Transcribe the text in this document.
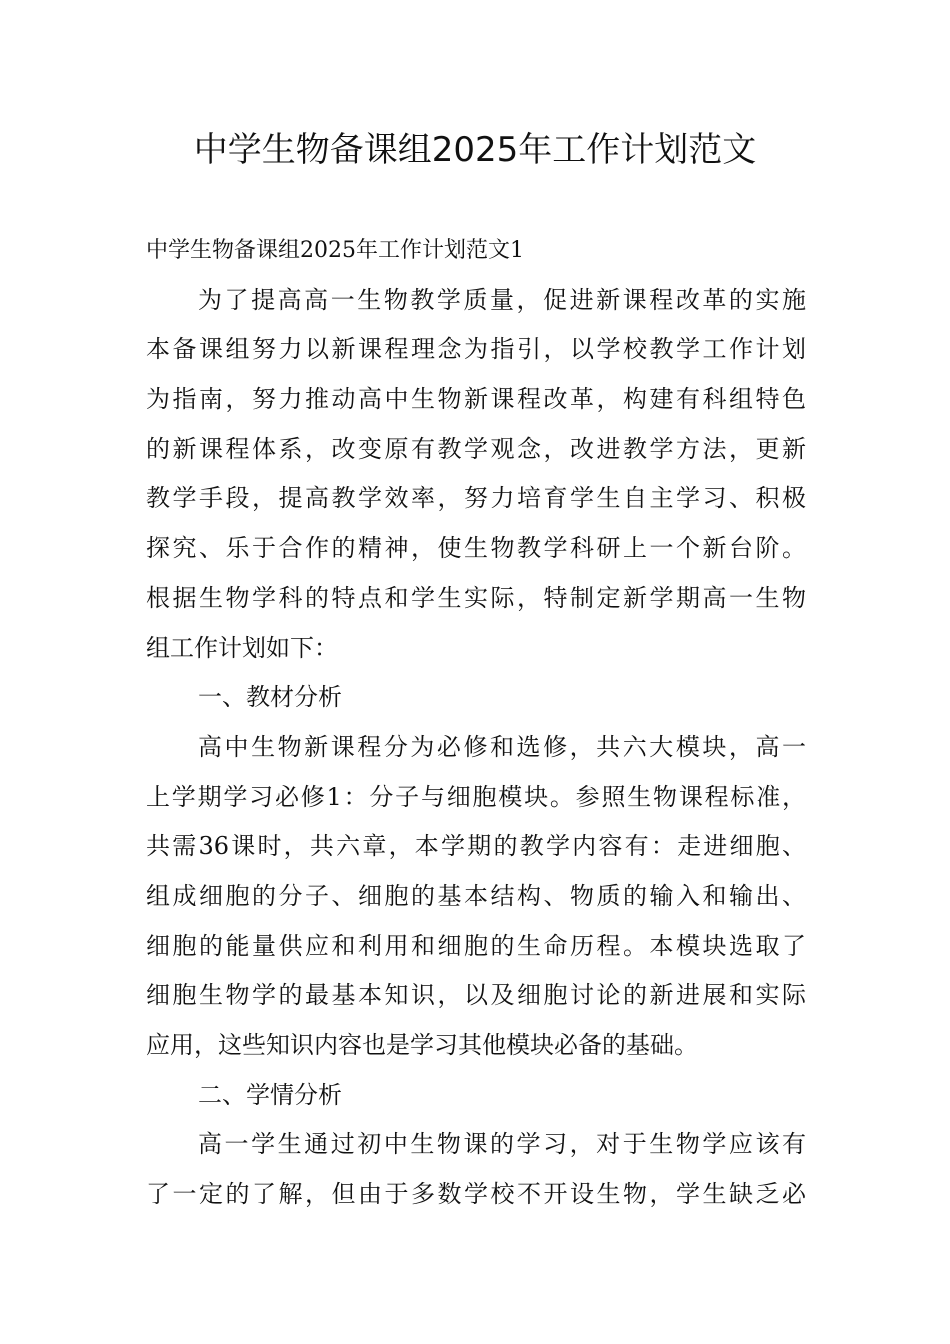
中学生物备课组2025年工作计划范文
中学生物备课组2025年工作计划范文1
为了提高高一生物教学质量，促进新课程改革的实施
本备课组努力以新课程理念为指引，以学校教学工作计划
为指南，努力推动高中生物新课程改革，构建有科组特色
的新课程体系，改变原有教学观念，改进教学方法，更新
教学手段，提高教学效率，努力培育学生自主学习、积极
探究、乐于合作的精神，使生物教学科研上一个新台阶。
根据生物学科的特点和学生实际，特制定新学期高一生物
组工作计划如下：
一、教材分析
高中生物新课程分为必修和选修，共六大模块，高一
上学期学习必修1：分子与细胞模块。参照生物课程标准，
共需36课时，共六章，本学期的教学内容有：走进细胞、
组成细胞的分子、细胞的基本结构、物质的输入和输出、
细胞的能量供应和利用和细胞的生命历程。本模块选取了
细胞生物学的最基本知识，以及细胞讨论的新进展和实际
应用，这些知识内容也是学习其他模块必备的基础。
二、学情分析
高一学生通过初中生物课的学习，对于生物学应该有
了一定的了解，但由于多数学校不开设生物，学生缺乏必
